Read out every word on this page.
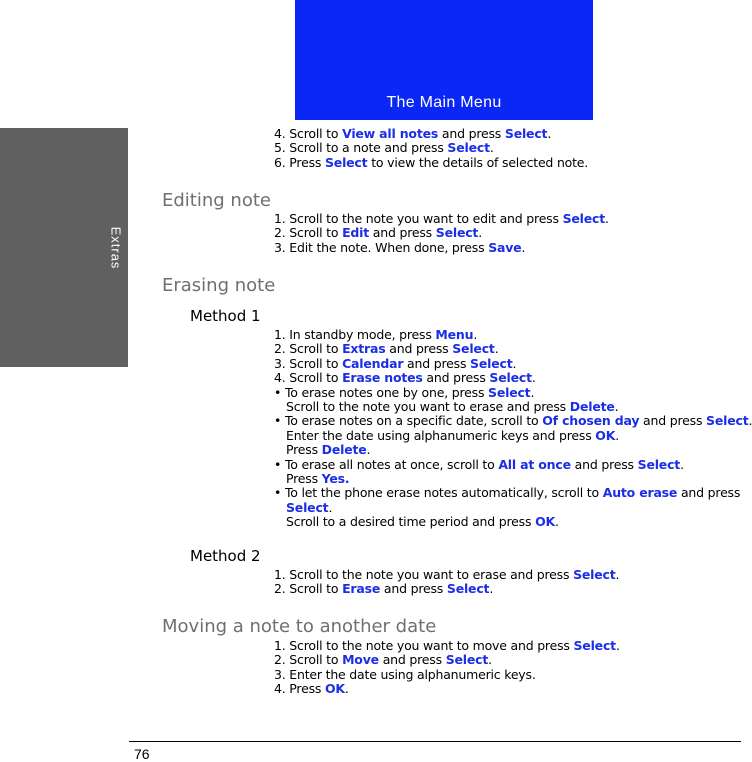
Extras
The Main Menu
4. Scroll to View all notes and press Select.
5. Scroll to a note and press Select.
6. Press Select to view the details of selected note.
Editing note
1. Scroll to the note you want to edit and press Select.
2. Scroll to Edit and press Select.
3. Edit the note. When done, press Save.
Erasing note
Method 1
1. In standby mode, press Menu.
2. Scroll to Extras and press Select.
3. Scroll to Calendar and press Select.
4. Scroll to Erase notes and press Select.
• To erase notes one by one, press Select.
Scroll to the note you want to erase and press Delete.
• To erase notes on a specific date, scroll to Of chosen day and press Select.
Enter the date using alphanumeric keys and press OK.
Press Delete.
• To erase all notes at once, scroll to All at once and press Select.
Press Yes.
• To let the phone erase notes automatically, scroll to Auto erase and press
Select.
Scroll to a desired time period and press OK.
Method 2
1. Scroll to the note you want to erase and press Select.
2. Scroll to Erase and press Select.
Moving a note to another date
1. Scroll to the note you want to move and press Select.
2. Scroll to Move and press Select.
3. Enter the date using alphanumeric keys.
4. Press OK.
76
